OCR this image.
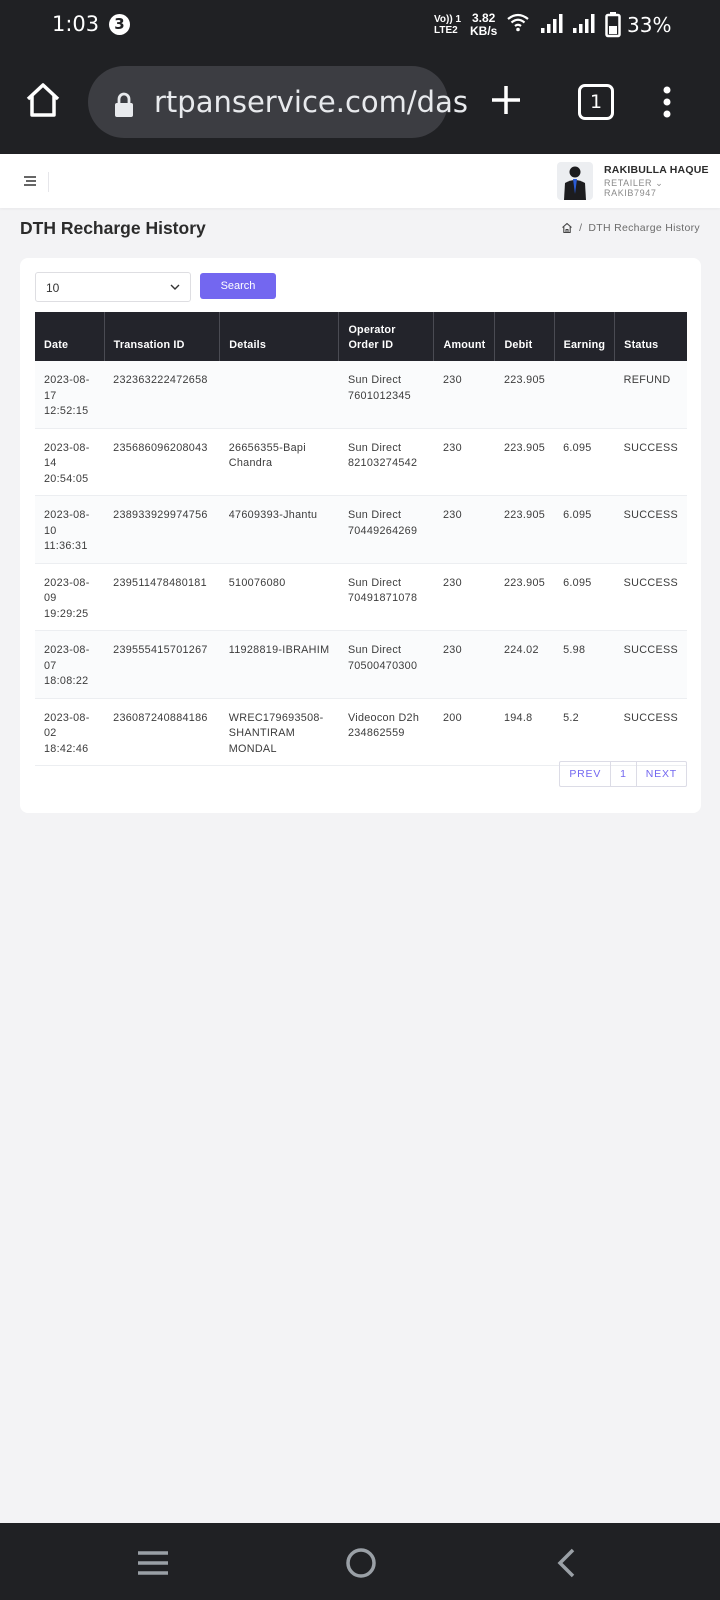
1:03	3	Vo)) 1
LTE2
3.82
KB/s	33%
rtpanservice.com/das	1
RAKIBULLA HAQUE
RETAILER ⌄
RAKIB7947
DTH Recharge History	/ DTH Recharge History
10	Search
Date	Transation ID	Details	Operator Order ID	Amount	Debit	Earning	Status
2023-08-17 12:52:15	232363222472658		Sun Direct 7601012345	230	223.905		REFUND
2023-08-14 20:54:05	235686096208043	26656355-Bapi Chandra	Sun Direct 82103274542	230	223.905	6.095	SUCCESS
2023-08-10 11:36:31	238933929974756	47609393-Jhantu	Sun Direct 70449264269	230	223.905	6.095	SUCCESS
2023-08-09 19:29:25	239511478480181	510076080	Sun Direct 70491871078	230	223.905	6.095	SUCCESS
2023-08-07 18:08:22	239555415701267	11928819-IBRAHIM	Sun Direct 70500470300	230	224.02	5.98	SUCCESS
2023-08-02 18:42:46	236087240884186	WREC179693508-SHANTIRAM MONDAL	Videocon D2h 234862559	200	194.8	5.2	SUCCESS
PREV	1	NEXT
